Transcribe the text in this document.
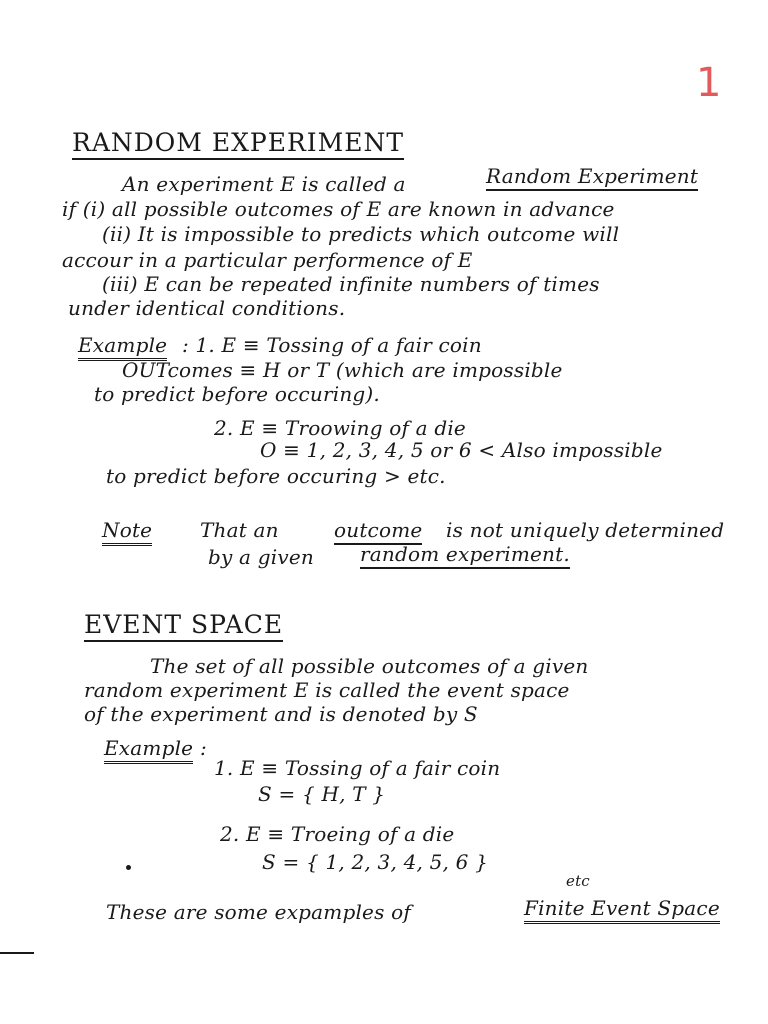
1
RANDOM EXPERIMENT
An experiment E is called a	Random Experiment
if (i) all possible outcomes of E are known in advance
(ii) It is impossible to predicts which outcome will
accour in a particular performence of E
(iii) E can be repeated infinite numbers of times
under identical conditions.
Example : 1. E ≡ Tossing of a fair coin
OUTcomes ≡ H or T (which are impossible
to predict before occuring).
2. E ≡ Troowing of a die
O ≡ 1, 2, 3, 4, 5 or 6 < Also impossible
to predict before occuring > etc.
Note That an	outcome is not uniquely determined
by a given random experiment.
EVENT SPACE
The set of all possible outcomes of a given
random experiment E is called the event space
of the experiment and is denoted by S
Example :
1. E ≡ Tossing of a fair coin
S = { H, T }
2. E ≡ Troeing of a die
S = { 1, 2, 3, 4, 5, 6 }
etc
These are some expamples of	Finite Event Space
